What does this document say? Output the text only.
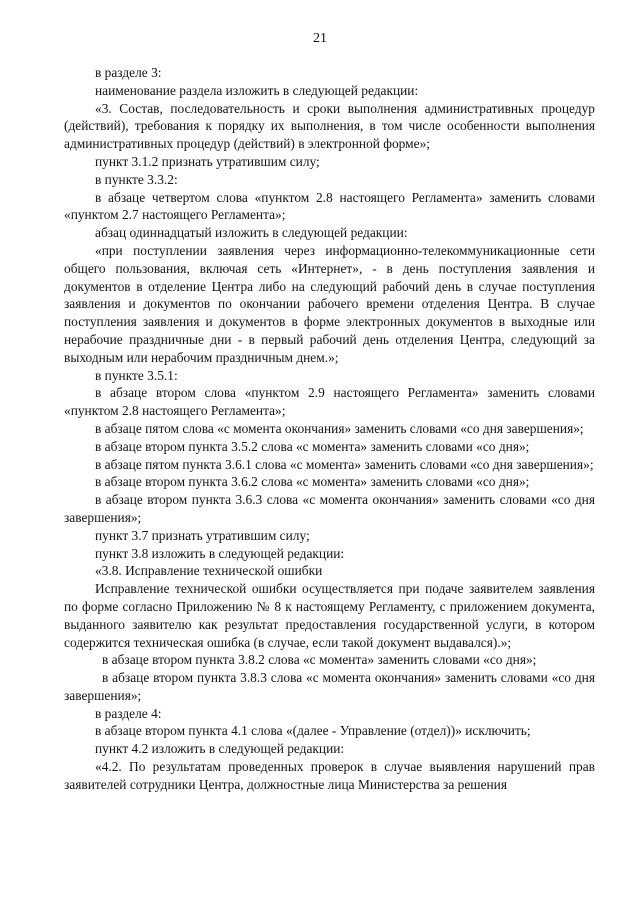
21

в разделе 3:

наименование раздела изложить в следующей редакции:

«3. Состав, последовательность и сроки выполнения административных процедур (действий), требования к порядку их выполнения, в том числе особенности выполнения административных процедур (действий) в электронной форме»;

пункт 3.1.2 признать утратившим силу;

в пункте 3.3.2:

в абзаце четвертом слова «пунктом 2.8 настоящего Регламента» заменить словами «пунктом 2.7 настоящего Регламента»;

абзац одиннадцатый изложить в следующей редакции:

«при поступлении заявления через информационно-телекоммуникационные сети общего пользования, включая сеть «Интернет», - в день поступления заявления и документов в отделение Центра либо на следующий рабочий день в случае поступления заявления и документов по окончании рабочего времени отделения Центра. В случае поступления заявления и документов в форме электронных документов в выходные или нерабочие праздничные дни - в первый рабочий день отделения Центра, следующий за выходным или нерабочим праздничным днем.»;

в пункте 3.5.1:

в абзаце втором слова «пунктом 2.9 настоящего Регламента» заменить словами «пунктом 2.8 настоящего Регламента»;

в абзаце пятом слова «с момента окончания» заменить словами «со дня завершения»;

в абзаце втором пункта 3.5.2 слова «с момента» заменить словами «со дня»;

в абзаце пятом пункта 3.6.1 слова «с момента» заменить словами «со дня завершения»;

в абзаце втором пункта 3.6.2 слова «с момента» заменить словами «со дня»;

в абзаце втором пункта 3.6.3 слова «с момента окончания» заменить словами «со дня завершения»;

пункт 3.7 признать утратившим силу;

пункт 3.8 изложить в следующей редакции:

«3.8. Исправление технической ошибки

Исправление технической ошибки осуществляется при подаче заявителем заявления по форме согласно Приложению № 8 к настоящему Регламенту, с приложением документа, выданного заявителю как результат предоставления государственной услуги, в котором содержится техническая ошибка (в случае, если такой документ выдавался).»;

в абзаце втором пункта 3.8.2 слова «с момента» заменить словами «со дня»;

в абзаце втором пункта 3.8.3 слова «с момента окончания» заменить словами «со дня завершения»;

в разделе 4:

в абзаце втором пункта 4.1 слова «(далее - Управление (отдел))» исключить;

пункт 4.2 изложить в следующей редакции:

«4.2. По результатам проведенных проверок в случае выявления нарушений прав заявителей сотрудники Центра, должностные лица Министерства за решения
